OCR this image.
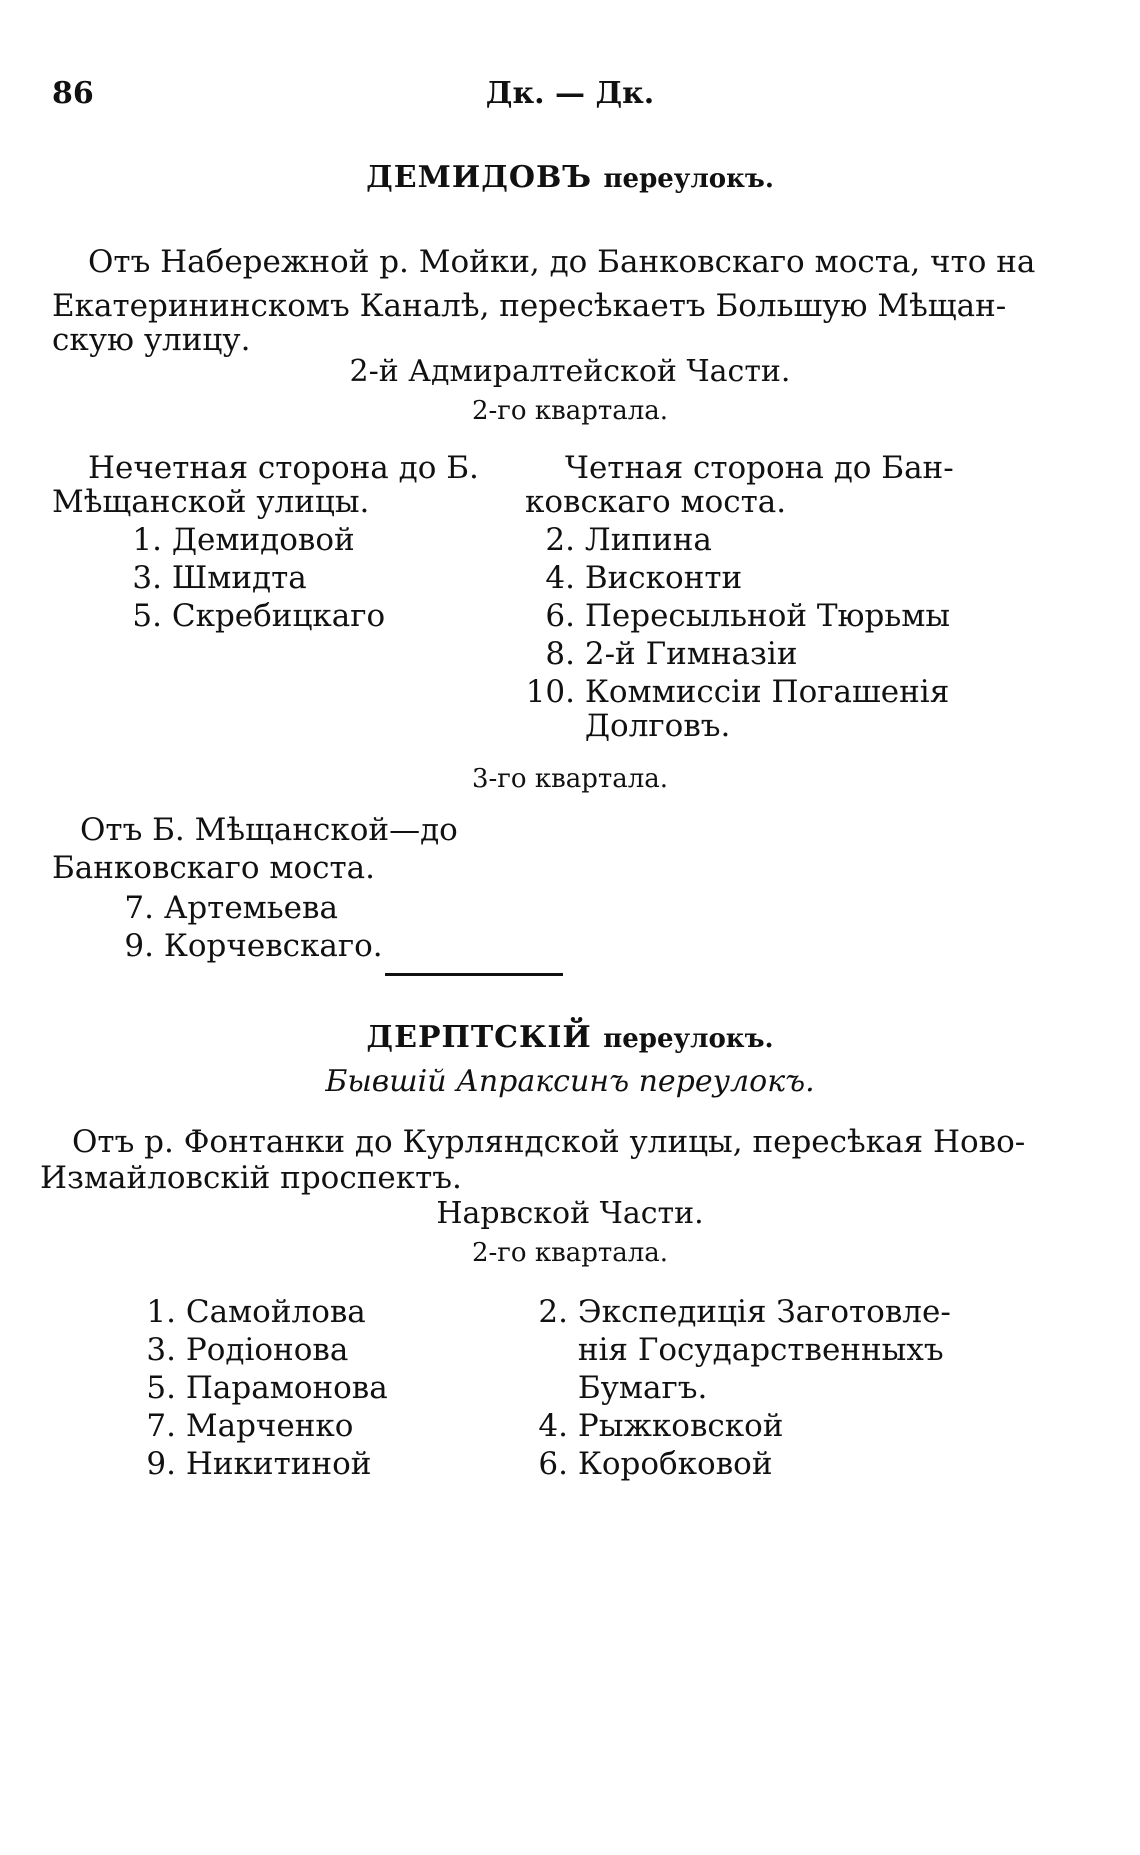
86	Дк. — Дк.
ДЕМИДОВЪ переулокъ.
Отъ Набережной р. Мойки, до Банковскаго моста, что на
Екатерининскомъ Каналѣ, пересѣкаетъ Большую Мѣщан-
скую улицу.
2-й Адмиралтейской Части.
2-го квартала.
Нечетная сторона до Б.
Мѣщанской улицы.
1. Демидовой
3. Шмидта
5. Скребицкаго
Четная сторона до Бан-
ковскаго моста.
2. Липина
4. Висконти
6. Пересыльной Тюрьмы
8. 2-й Гимназіи
10. Коммиссіи Погашенія
Долговъ.
3-го квартала.
Отъ Б. Мѣщанской—до
Банковскаго моста.
7. Артемьева
9. Корчевскаго.
ДЕРПТСКІЙ переулокъ.
Бывшій Апраксинъ переулокъ.
Отъ р. Фонтанки до Курляндской улицы, пересѣкая Ново-
Измайловскій проспектъ.
Нарвской Части.
2-го квартала.
1. Самойлова
3. Родіонова
5. Парамонова
7. Марченко
9. Никитиной
2. Экспедиція Заготовле-
нія Государственныхъ
Бумагъ.
4. Рыжковской
6. Коробковой
